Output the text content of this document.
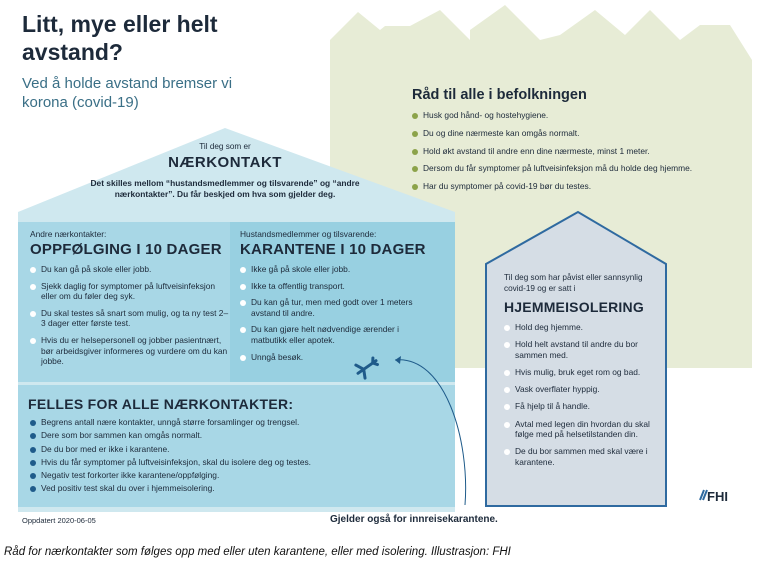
Litt, mye eller helt avstand?
Ved å holde avstand bremser vi korona (covid-19)	Råd til alle i befolkningen
Husk god hånd- og hostehygiene.
Du og dine nærmeste kan omgås normalt.
Hold økt avstand til andre enn dine nærmeste, minst 1 meter.
Dersom du får symptomer på luftveisinfeksjon må du holde deg hjemme.
Har du symptomer på covid-19 bør du testes.
Til deg som er
NÆRKONTAKT
Det skilles mellom “hustandsmedlemmer og tilsvarende” og “andre nærkontakter”. Du får beskjed om hva som gjelder deg.
Andre nærkontakter:
OPPFØLGING I 10 DAGER
Du kan gå på skole eller jobb.
Sjekk daglig for symptomer på luftveisinfeksjon eller om du føler deg syk.
Du skal testes så snart som mulig, og ta ny test 2–3 dager etter første test.
Hvis du er helsepersonell og jobber pasientnært, bør arbeidsgiver informeres og vurdere om du kan jobbe.
Hustandsmedlemmer og tilsvarende:
KARANTENE I 10 DAGER
Ikke gå på skole eller jobb.
Ikke ta offentlig transport.
Du kan gå tur, men med godt over 1 meters avstand til andre.
Du kan gjøre helt nødvendige ærender i matbutikk eller apotek.
Unngå besøk.
FELLES FOR ALLE NÆRKONTAKTER:
Begrens antall nære kontakter, unngå større forsamlinger og trengsel.
Dere som bor sammen kan omgås normalt.
De du bor med er ikke i karantene.
Hvis du får symptomer på luftveisinfeksjon, skal du isolere deg og testes.
Negativ test forkorter ikke karantene/oppfølging.
Ved positiv test skal du over i hjemmeisolering.
Til deg som har påvist eller sannsynlig covid-19 og er satt i
HJEMMEISOLERING
Hold deg hjemme.
Hold helt avstand til andre du bor sammen med.
Hvis mulig, bruk eget rom og bad.
Vask overflater hyppig.
Få hjelp til å handle.
Avtal med legen din hvordan du skal følge med på helsetilstanden din.
De du bor sammen med skal være i karantene.
FHI
Oppdatert 2020-06-05	Gjelder også for innreisekarantene.
Råd for nærkontakter som følges opp med eller uten karantene, eller med isolering. Illustrasjon: FHI
